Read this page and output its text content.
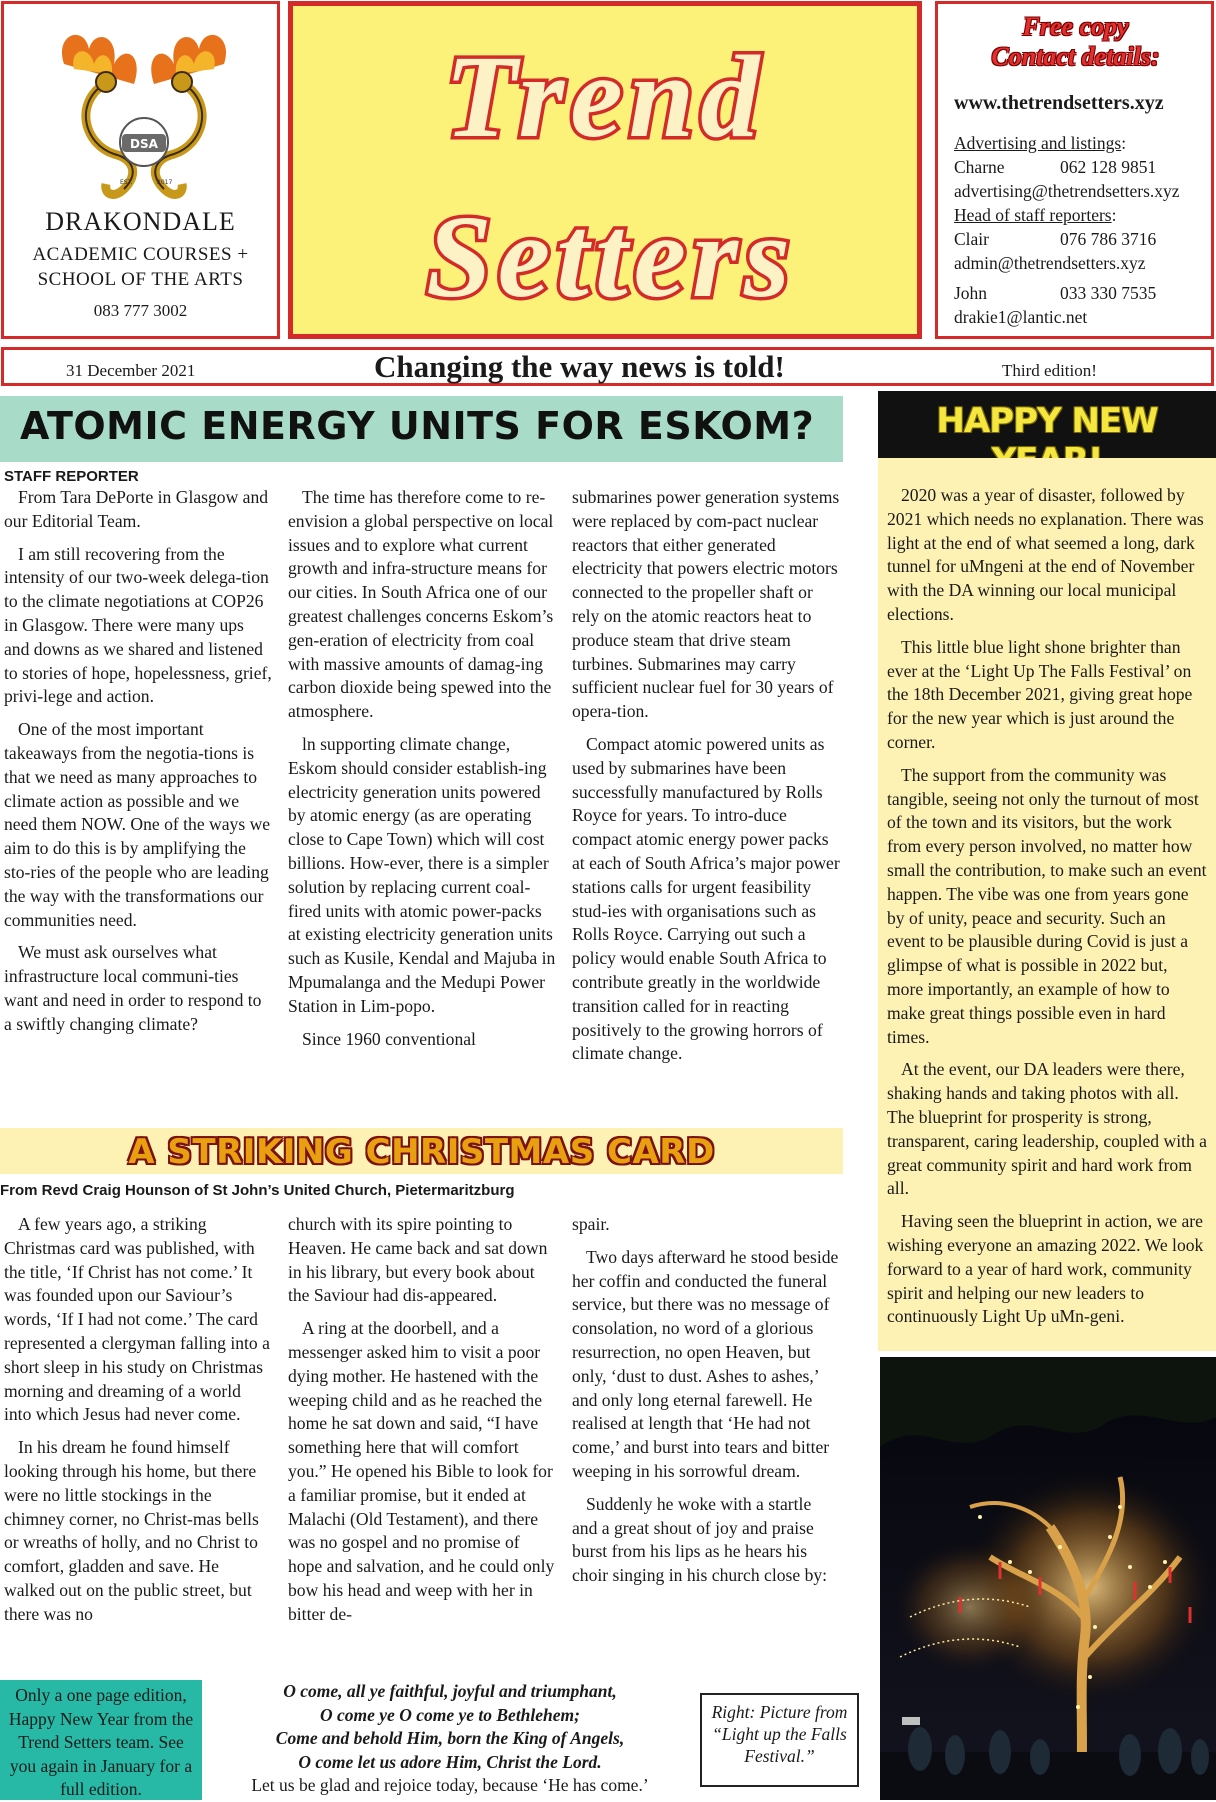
DSA
EST.	2017
DRAKONDALE
ACADEMIC COURSES +
SCHOOL OF THE ARTS
083 777 3002
Trend
Setters
Free copy
Contact details:
www.thetrendsetters.xyz
Advertising and listings:
Charne	062 128 9851
advertising@thetrendsetters.xyz
Head of staff reporters:
Clair	076 786 3716
admin@thetrendsetters.xyz
John	033 330 7535
drakie1@lantic.net
31 December 2021	Changing the way news is told!	Third edition!
ATOMIC ENERGY UNITS FOR ESKOM?
STAFF REPORTER

From Tara DePorte in Glasgow and our Editorial Team.

I am still recovering from the intensity of our two-week delega-tion to the climate negotiations at COP26 in Glasgow. There were many ups and downs as we shared and listened to stories of hope, hopelessness, grief, privi-lege and action.

One of the most important takeaways from the negotia-tions is that we need as many approaches to climate action as possible and we need them NOW. One of the ways we aim to do this is by amplifying the sto-ries of the people who are leading the way with the transformations our communities need.

We must ask ourselves what infrastructure local communi-ties want and need in order to respond to a swiftly changing climate?

The time has therefore come to re-envision a global perspective on local issues and to explore what current growth and infra-structure means for our cities. In South Africa one of our greatest challenges concerns Eskom’s gen-eration of electricity from coal with massive amounts of damag-ing carbon dioxide being spewed into the atmosphere.

ln supporting climate change, Eskom should consider establish-ing electricity generation units powered by atomic energy (as are operating close to Cape Town) which will cost billions. How-ever, there is a simpler solution by replacing current coal-fired units with atomic power-packs at existing electricity generation units such as Kusile, Kendal and Majuba in Mpumalanga and the Medupi Power Station in Lim-popo.

Since 1960 conventional

submarines power generation systems were replaced by com-pact nuclear reactors that either generated electricity that powers electric motors connected to the propeller shaft or rely on the atomic reactors heat to produce steam that drive steam turbines. Submarines may carry sufficient nuclear fuel for 30 years of opera-tion.

Compact atomic powered units as used by submarines have been successfully manufactured by Rolls Royce for years. To intro-duce compact atomic energy power packs at each of South Africa’s major power stations calls for urgent feasibility stud-ies with organisations such as Rolls Royce. Carrying out such a policy would enable South Africa to contribute greatly in the worldwide transition called for in reacting positively to the growing horrors of climate change.

A STRIKING CHRISTMAS CARD
From Revd Craig Hounson of St John’s United Church, Pietermaritzburg

A few years ago, a striking Christmas card was published, with the title, ‘If Christ has not come.’ It was founded upon our Saviour’s words, ‘If I had not come.’ The card represented a clergyman falling into a short sleep in his study on Christmas morning and dreaming of a world into which Jesus had never come.

In his dream he found himself looking through his home, but there were no little stockings in the chimney corner, no Christ-mas bells or wreaths of holly, and no Christ to comfort, gladden and save. He walked out on the public street, but there was no

church with its spire pointing to Heaven. He came back and sat down in his library, but every book about the Saviour had dis-appeared.

A ring at the doorbell, and a messenger asked him to visit a poor dying mother. He hastened with the weeping child and as he reached the home he sat down and said, “I have something here that will comfort you.” He opened his Bible to look for a familiar promise, but it ended at Malachi (Old Testament), and there was no gospel and no promise of hope and salvation, and he could only bow his head and weep with her in bitter de-

spair.

Two days afterward he stood beside her coffin and conducted the funeral service, but there was no message of consolation, no word of a glorious resurrection, no open Heaven, but only, ‘dust to dust. Ashes to ashes,’ and only long eternal farewell. He realised at length that ‘He had not come,’ and burst into tears and bitter weeping in his sorrowful dream.

Suddenly he woke with a startle and a great shout of joy and praise burst from his lips as he hears his choir singing in his church close by:

O come, all ye faithful, joyful and triumphant,
O come ye O come ye to Bethlehem;
Come and behold Him, born the King of Angels,
O come let us adore Him, Christ the Lord.
Let us be glad and rejoice today, because ‘He has come.’
Only a one page edition, Happy New Year from the Trend Setters team. See you again in January for a full edition.
Right: Picture from “Light up the Falls Festival.”
HAPPY NEW

2020 was a year of disaster, followed by 2021 which needs no explanation. There was light at the end of what seemed a long, dark tunnel for uMngeni at the end of November with the DA winning our local municipal elections.

This little blue light shone brighter than ever at the ‘Light Up The Falls Festival’ on the 18th December 2021, giving great hope for the new year which is just around the corner.

The support from the community was tangible, seeing not only the turnout of most of the town and its visitors, but the work from every person involved, no matter how small the contribution, to make such an event happen. The vibe was one from years gone by of unity, peace and security. Such an event to be plausible during Covid is just a glimpse of what is possible in 2022 but, more importantly, an example of how to make great things possible even in hard times.

At the event, our DA leaders were there, shaking hands and taking photos with all. The blueprint for prosperity is strong, transparent, caring leadership, coupled with a great community spirit and hard work from all.

Having seen the blueprint in action, we are wishing everyone an amazing 2022. We look forward to a year of hard work, community spirit and helping our new leaders to continuously Light Up uMn-geni.
